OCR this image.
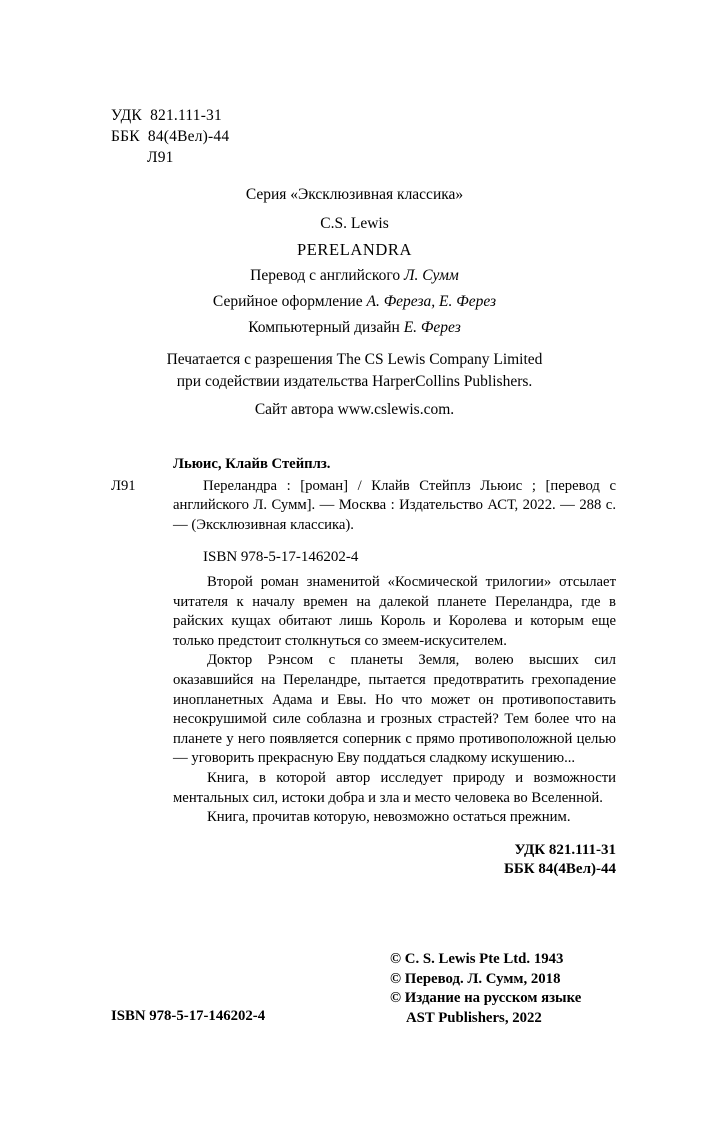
УДК  821.111-31
ББК  84(4Вел)-44
Л91
Серия «Эксклюзивная классика»
C.S. Lewis
PERELANDRA
Перевод с английского Л. Сумм
Серийное оформление А. Фереза, Е. Ферез
Компьютерный дизайн Е. Ферез
Печатается с разрешения The CS Lewis Company Limited
при содействии издательства HarperCollins Publishers.
Сайт автора www.cslewis.com.
Льюис, Клайв Стейплз.
Л91	Переландра : [роман] / Клайв Стейплз Льюис ; [перевод с английского Л. Сумм]. — Москва : Издательство АСТ, 2022. — 288 с. — (Эксклюзивная классика).
ISBN 978-5-17-146202-4

Второй роман знаменитой «Космической трилогии» отсылает читателя к началу времен на далекой планете Переландра, где в райских кущах обитают лишь Король и Королева и которым еще только предстоит столкнуться со змеем-искусителем.

Доктор Рэнсом с планеты Земля, волею высших сил оказавшийся на Переландре, пытается предотвратить грехопадение инопланетных Адама и Евы. Но что может он противопоставить несокрушимой силе соблазна и грозных страстей? Тем более что на планете у него появляется соперник с прямо противоположной целью — уговорить прекрасную Еву поддаться сладкому искушению...

Книга, в которой автор исследует природу и возможности ментальных сил, истоки добра и зла и место человека во Вселенной.

Книга, прочитав которую, невозможно остаться прежним.

УДК 821.111-31
ББК 84(4Вел)-44
© C. S. Lewis Pte Ltd. 1943
© Перевод. Л. Сумм, 2018
© Издание на русском языке
AST Publishers, 2022
ISBN 978-5-17-146202-4
